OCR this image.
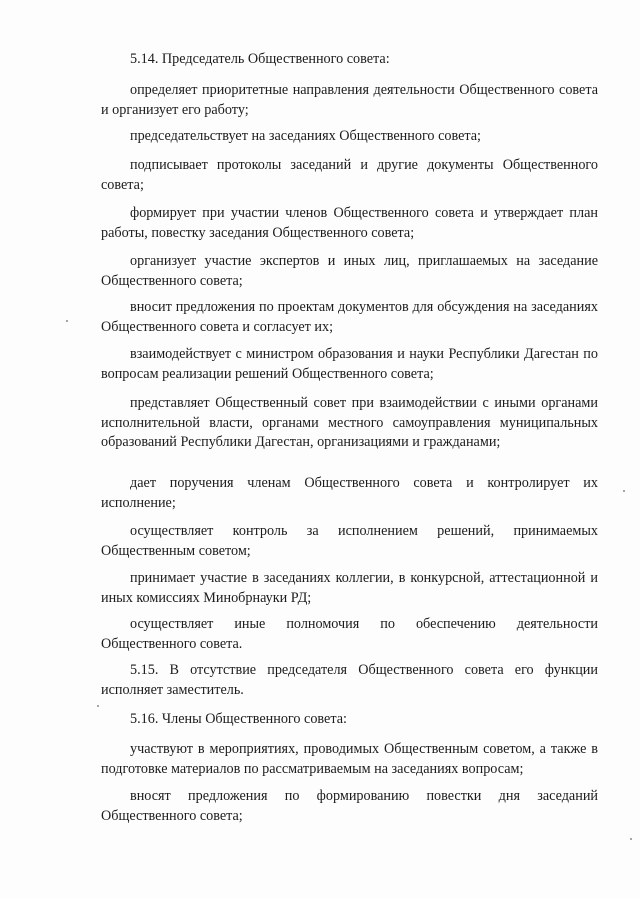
5.14. Председатель Общественного совета:

определяет приоритетные направления деятельности Общественного совета и организует его работу;

председательствует на заседаниях Общественного совета;

подписывает протоколы заседаний и другие документы Общественного совета;

формирует при участии членов Общественного совета и утверждает план работы, повестку заседания Общественного совета;

организует участие экспертов и иных лиц, приглашаемых на заседание Общественного совета;

вносит предложения по проектам документов для обсуждения на заседаниях Общественного совета и согласует их;

взаимодействует с министром образования и науки Республики Дагестан по вопросам реализации решений Общественного совета;

представляет Общественный совет при взаимодействии с иными органами исполнительной власти, органами местного самоуправления муниципальных образований Республики Дагестан, организациями и гражданами;

дает поручения членам Общественного совета и контролирует их исполнение;

осуществляет контроль за исполнением решений, принимаемых Общественным советом;

принимает участие в заседаниях коллегии, в конкурсной, аттестационной и иных комиссиях Минобрнауки РД;

осуществляет иные полномочия по обеспечению деятельности Общественного совета.

5.15. В отсутствие председателя Общественного совета его функции исполняет заместитель.

5.16. Члены Общественного совета:

участвуют в мероприятиях, проводимых Общественным советом, а также в подготовке материалов по рассматриваемым на заседаниях вопросам;

вносят предложения по формированию повестки дня заседаний Общественного совета;
